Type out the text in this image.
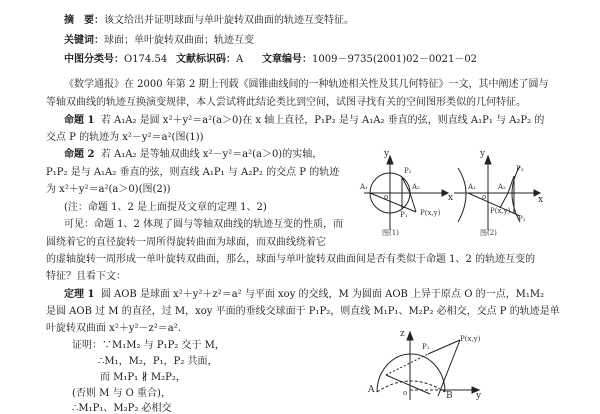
摘　要：该文给出并证明球面与单叶旋转双曲面的轨迹互变特征。
关键词：球面；单叶旋转双曲面；轨迹互变
中图分类号：O174.54 文献标识码：A 文章编号：1009－9735(2001)02－0021－02
《数学通报》在 2000 年第 2 期上刊载《圆锥曲线间的一种轨迹相关性及其几何特征》一文，其中阐述了圆与
等轴双曲线的轨迹互换演变规律，本人尝试将此结论类比到空间，试图寻找有关的空间图形类似的几何特征。
命题 1 若 A₁A₂ 是圆 x²＋y²＝a²(a＞0)在 x 轴上直径，P₁P₂ 是与 A₁A₂ 垂直的弦，则直线 A₁P₁ 与 A₂P₂ 的
交点 P 的轨迹为 x²－y²＝a²(图(1))
命题 2 若 A₁A₂ 是等轴双曲线 x²－y²＝a²(a＞0)的实轴，
P₁P₂ 是与 A₁A₂ 垂直的弦，则直线 A₁P₁ 与 A₂P₂ 的交点 P 的轨迹
为 x²＋y²＝a²(a＞0)(图(2))
(注：命题 1、2 是上面提及文章的定理 1、2)
可见：命题 1、2 体现了圆与等轴双曲线的轨迹互变的性质，而
圆绕着它的直径旋转一周所得旋转曲面为球面，而双曲线绕着它
的虚轴旋转一周形成一单叶旋转双曲面，那么，球面与单叶旋转双曲面间是否有类似于命题 1、2 的轨迹互变的
特征？且看下文：
定理 1 圆 AOB 是球面 x²＋y²＋z²＝a² 与平面 xoy 的交线，M 为圆面 AOB 上异于原点 O 的一点，M₁M₂
是圆 AOB 过 M 的直径，过 M，xoy 平面的垂线交球面于 P₁P₂，则直线 M₁P₁、M₂P₂ 必相交，交点 P 的轨迹是单
叶旋转双曲面 x²＋y²－z²＝a².
证明：∵M₁M₂ 与 P₁P₂ 交于 M，
∴M₁，M₂，P₁，P₂ 共面，
而 M₁P₁ ∦ M₂P₂，
(否则 M 与 O 重合)，
∴M₁P₁、M₂P₂ 必相交
y
x
A₁	A₂
P₂
P₁
o
P(x,y)
图(1)
y
x
A₁	A₂
P₂
P₁
o
P(x,y)
图(2)
z
y
A
B
P₁
o
P(x,y)
